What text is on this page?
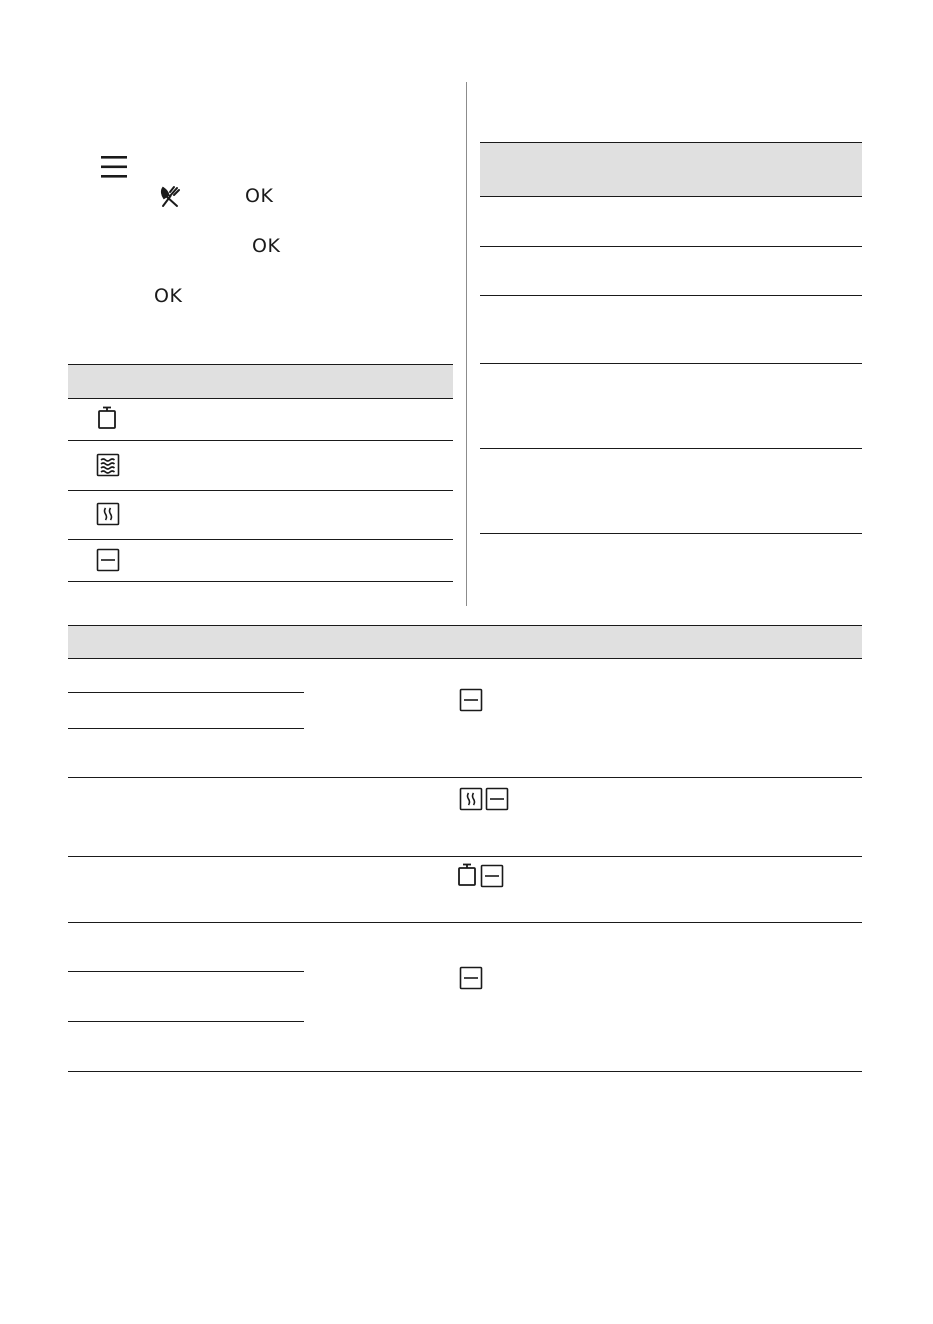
OK
OK
OK
